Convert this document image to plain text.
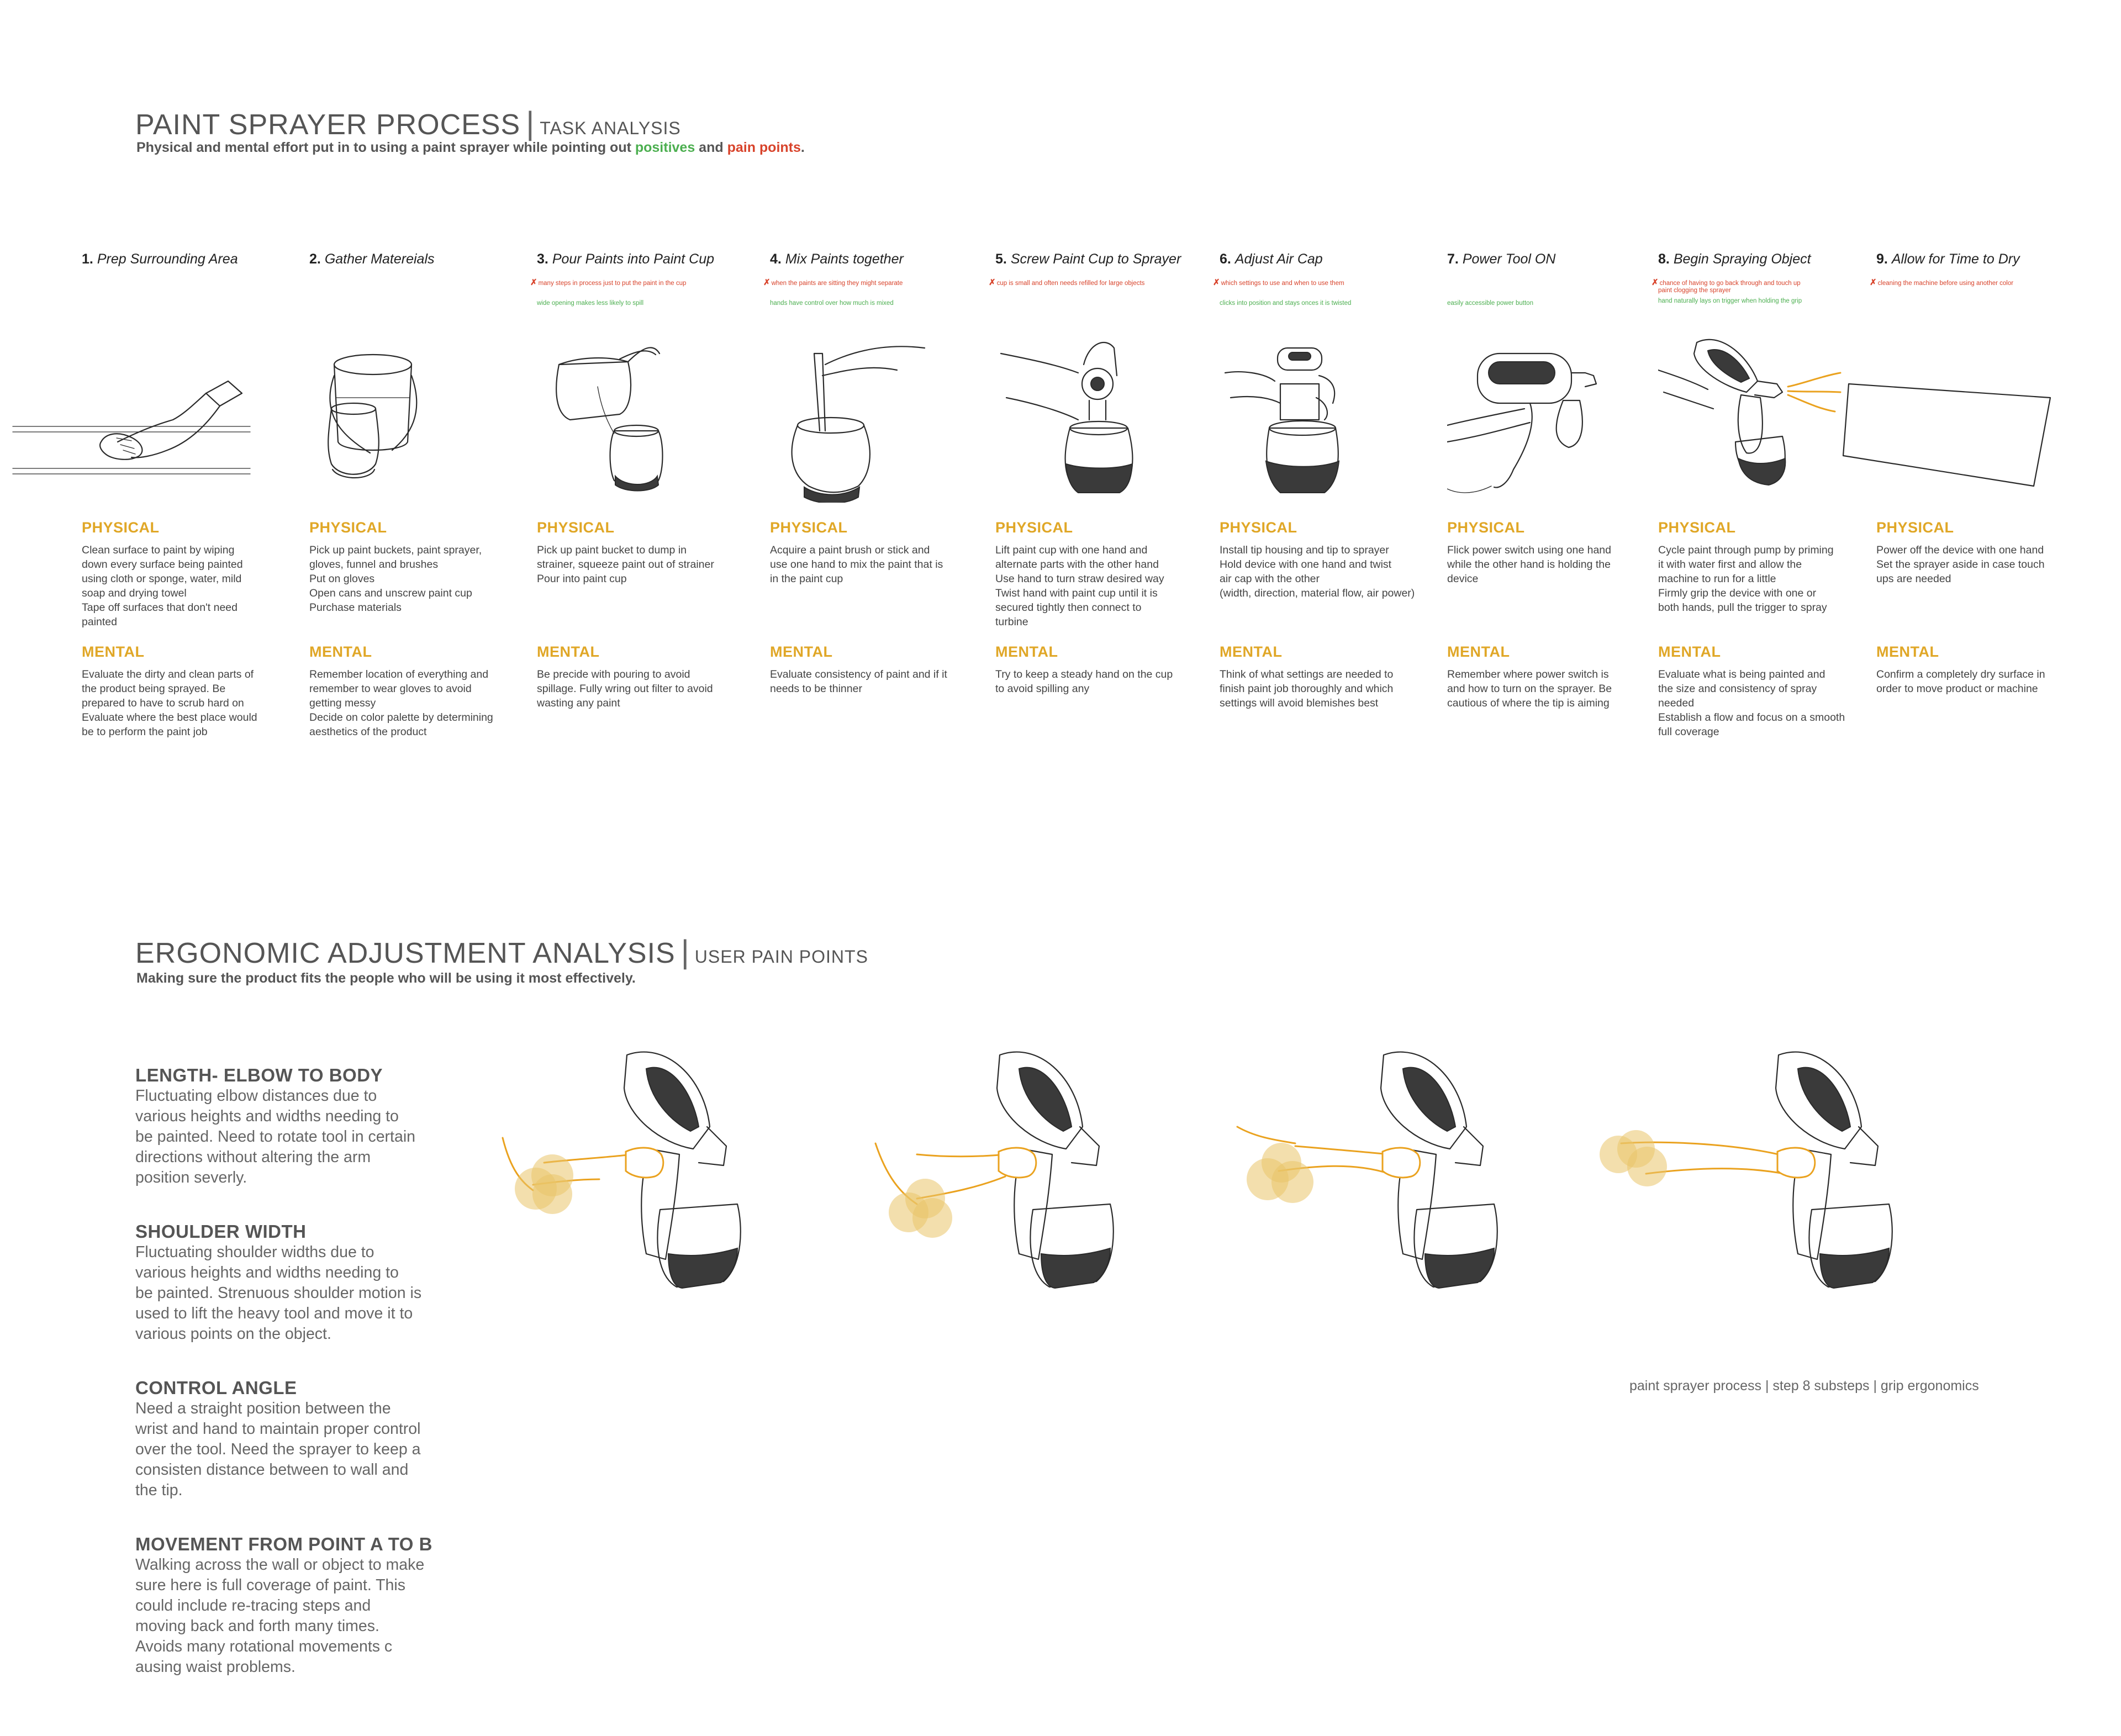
PAINT SPRAYER PROCESS | TASK ANALYSIS
Physical and mental effort put in to using a paint sprayer while pointing out positives and pain points.
1. Prep Surrounding Area
PHYSICAL
Clean surface to paint by wiping
down every surface being painted
using cloth or sponge, water, mild
soap and drying towel
Tape off surfaces that don't need
painted
MENTAL
Evaluate the dirty and clean parts of
the product being sprayed. Be
prepared to have to scrub hard on
Evaluate where the best place would
be to perform the paint job
2. Gather Matereials
PHYSICAL
Pick up paint buckets, paint sprayer,
gloves, funnel and brushes
Put on gloves
Open cans and unscrew paint cup
Purchase materials
MENTAL
Remember location of everything and
remember to wear gloves to avoid
getting messy
Decide on color palette by determining
aesthetics of the product
3. Pour Paints into Paint Cup
✗ many steps in process just to put the paint in the cup
wide opening makes less likely to spill
PHYSICAL
Pick up paint bucket to dump in
strainer, squeeze paint out of strainer
Pour into paint cup
MENTAL
Be precide with pouring to avoid
spillage. Fully wring out filter to avoid
wasting any paint
4. Mix Paints together
✗ when the paints are sitting they might separate
hands have control over how much is mixed
PHYSICAL
Acquire a paint brush or stick and
use one hand to mix the paint that is
in the paint cup
MENTAL
Evaluate consistency of paint and if it
needs to be thinner
5. Screw Paint Cup to Sprayer
✗ cup is small and often needs refilled for large objects
PHYSICAL
Lift paint cup with one hand and
alternate parts with the other hand
Use hand to turn straw desired way
Twist hand with paint cup until it is
secured tightly then connect to
turbine
MENTAL
Try to keep a steady hand on the cup
to avoid spilling any
6. Adjust Air Cap
✗ which settings to use and when to use them
clicks into position and stays onces it is twisted
PHYSICAL
Install tip housing and tip to sprayer
Hold device with one hand and twist
air cap with the other
(width, direction, material flow, air power)
MENTAL
Think of what settings are needed to
finish paint job thoroughly and which
settings will avoid blemishes best
7. Power Tool ON
easily accessible power button
PHYSICAL
Flick power switch using one hand
while the other hand is holding the
device
MENTAL
Remember where power switch is
and how to turn on the sprayer. Be
cautious of where the tip is aiming
8. Begin Spraying Object
✗ chance of having to go back through and touch up
paint clogging the sprayer
hand naturally lays on trigger when holding the grip
PHYSICAL
Cycle paint through pump by priming
it with water first and allow the
machine to run for a little
Firmly grip the device with one or
both hands, pull the trigger to spray
MENTAL
Evaluate what is being painted and
the size and consistency of spray
needed
Establish a flow and focus on a smooth
full coverage
9. Allow for Time to Dry
✗ cleaning the machine before using another color
PHYSICAL
Power off the device with one hand
Set the sprayer aside in case touch
ups are needed
MENTAL
Confirm a completely dry surface in
order to move product or machine
ERGONOMIC ADJUSTMENT ANALYSIS | USER PAIN POINTS
Making sure the product fits the people who will be using it most effectively.
LENGTH- ELBOW TO BODY
Fluctuating elbow distances due to
various heights and widths needing to
be painted. Need to rotate tool in certain
directions without altering the arm
position severly.
SHOULDER WIDTH
Fluctuating shoulder widths due to
various heights and widths needing to
be painted. Strenuous shoulder motion is
used to lift the heavy tool and move it to
various points on the object.
CONTROL ANGLE
Need a straight position between the
wrist and hand to maintain proper control
over the tool. Need the sprayer to keep a
consisten distance between to wall and
the tip.
MOVEMENT FROM POINT A TO B
Walking across the wall or object to make
sure here is full coverage of paint. This
could include re-tracing steps and
moving back and forth many times.
Avoids many rotational movements c
ausing waist problems.
paint sprayer process | step 8 substeps | grip ergonomics
